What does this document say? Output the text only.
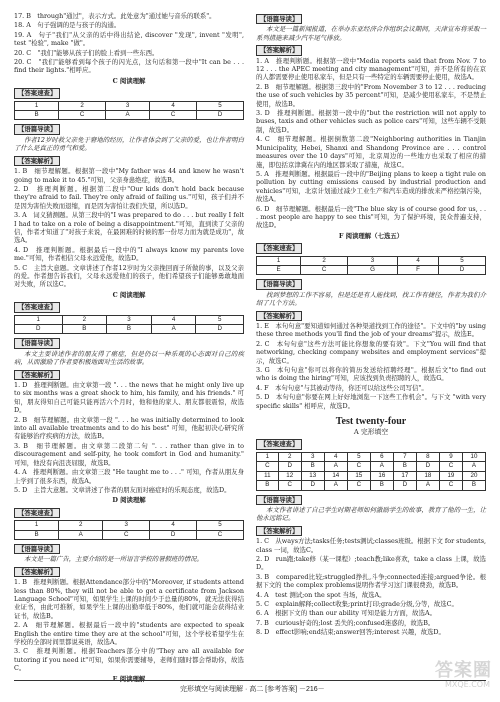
17. B　through"通过"，表示方式。此处意为"通过她与音乐的联系"。

18. A　句子强调的是与孩子的沟通。

19. A　句子"我们"从父亲的话中得出结论, discover "发现", invent "发明", test "检验", make "做"。

20. C　"我们"能够从孩子们的脸上看到一些东西。

20. C　"我们"能够看到每个孩子的闪光点，这句话和第一段中"It can be . . . find their lights."相呼应。

C 阅读理解
【答案速查】
1	2	3	4	5
B	C	A	C	D
【语篇导读】

作者12岁时救父亲免于窘地的经历，让作者体会到了父亲的爱，也让作者明白了什么是真正的勇气和爱。

【答案解析】

1. B　细节理解题。根据第一段中"My father was 44 and knew he wasn't going to make it to 45."可知，父亲身患绝症，故选B。

2. D　推理判断题。根据第二段中"Our kids don't hold back because they're afraid to fail. They're only afraid of failing us."可知，孩子们并不是因为害怕失败而退缩，而是因为害怕让我们失望，所以选D。

3. A　词义猜测题。从第三段中的"I was prepared to do . . . but really I felt I had to take on a role of being a disappointment."可知，直到读了父亲的信，作者才知道了"对孩子来说，在最困难的时候的那一份尽力而为就是成功"，故选A。

4. D　推理判断题。根据最后一段中的"I always know my parents love me."可知，作者相信父母永远爱他，故选D。

5. C　主旨大意题。文章讲述了作者12岁时为父亲挽回面子所做的事，以及父亲的爱。作者想告诉我们，父母永远爱他们的孩子，他们希望孩子们能够勇敢地面对失败，所以选C。

C 阅读理解
【答案速查】
1	2	3	4	5
D	B	B	A	D
【语篇导读】

本文主要讲述作者的朋友得了癌症，但是仍以一种乐观的心态面对自己的疾病，从而激励了作者要积极地面对生活的故事。

【答案解析】

1. D　推理判断题。由文章第一段 ". . . the news that he might only live up to six months was a great shock to him, his family, and his friends." 可知，朋友得知自己可能只能再活六个月时，他和他的家人、朋友都很震惊，故选D。

2. B　细节理解题。由文章第一段 ". . . he was initially determined to look into all available treatments and to do his best" 可知，他起初决心研究所有能够治疗疾病的方法，故选B。

3. B　细节理解题。由文章第二段第二句 ". . . rather than give in to discouragement and self-pity, he took comfort in God and humanity." 可知，他没有向沮丧屈服，故选B。

4. A　推理判断题。由文章第三段 "He taught me to . . ." 可知，作者从朋友身上学到了很多东西，故选A。

5. D　主旨大意题。文章讲述了作者的朋友面对癌症时的乐观态度，故选D。

D 阅读理解
【答案速查】
1	2	3	4	5
B	A	C	D	C
【语篇导读】

本文是一篇广告，主要介绍的是一所语言学校的暑假班的情况。

【答案解析】

1. B　推理判断题。根据Attendance部分中的"Moreover, if students attend less than 80%, they will not be able to get a certificate from Jackson Language School"可知，如果学生上课的时间少于总量的80%，就无法获得结业证书，由此可推断，如果学生上课的出勤率低于80%，他们就可能会获得结业证书，故选B。

2. A　细节理解题。根据最后一段中的"students are expected to speak English the entire time they are at the school"可知，这个学校希望学生在学校的全部时间里都说英语，故选A。

3. C　推理判断题。根据Teachers部分中的"They are all available for tutoring if you need it"可知，如果你需要辅导，老师们随时都会帮助你，故选C。

E 阅读理解
【语篇导读】

本文是一篇新闻报道，在举办东亚经济合作组织会议期间，天津宣布将采取一系列措施来减少汽车尾气排放。

【答案解析】

1. A　推理判断题。根据第一段中"Media reports said that from Nov. 7 to 12 . . . the APEC meeting and city management"可知，并不是所有的在京的人都需要停止使用私家车，但是只有一些特定的车辆需要停止使用，故选A。

2. B　细节理解题。根据第三段中的"From November 3 to 12 . . . reducing the use of such vehicles by 35 percent"可知，是减少使用私家车，不是禁止使用，故选B。

3. D　推理判断题。根据第一段中的"but the restriction will not apply to buses, taxis and other vehicles such as police cars"可知，这些车辆不受限制，故选D。

4. C　细节理解题。根据倒数第二段"Neighboring authorities in Tianjin Municipality, Hebei, Shanxi and Shandong Province are . . . control measures over the 10 days"可知，北京周边的一些地方也采取了相应的措施，即包括京津冀在内的地区都采取了措施，故选C。

5. A　推理判断题。根据最后一段中的"Beijing plans to keep a tight rule on pollution by cutting emissions caused by industrial production and vehicles"可知，北京计划通过减少工业生产和汽车造成的排放来严格控制污染，故选A。

6. D　细节理解题。根据最后一段"The blue sky is of course good for us, . . . most people are happy to see this"可知，为了保护环境，民众普遍支持，故选D。

F 阅读理解（七选五）
【答案速查】
1	2	3	4	5
E	C	G	F	D
【语篇导读】

找到梦想的工作不容易，但是还是有人能找到，找工作有捷径，作者为我们介绍了几个方法。

【答案解析】

1. E　本句句意"要知道如何通过各种渠道找到工作的途径"。下文中的"by using these three methods you'll find the job of your dreams"提示，故选E。

2. C　本句句意"这些方法可能比你想象的要有效"。下文"You will find that networking, checking company websites and employment services"提示，故选C。

3. G　本句句意"你可以将你的简历发送给招聘经理"。根据后文"to find out who is doing the hiring"可知，应该找到负责招聘的人，故选G。

4. F　本句句意"与其被动等待，你还可以给这些公司写信"。

5. D　本句句意"你要在网上好好地浏览一下这些工作机会"。与下文 "with very specific skills" 相呼应，故选D。

Test twenty-four
A 完形填空
【答案速查】
1	2	3	4	5	6	7	8	9	10
C	D	B	A	C	A	B	D	C	A
11	12	13	14	15	16	17	18	19	20
B	C	D	A	C	B	D	A	C	B
【语篇导读】

本文作者讲述了自己学生时期老师如何激励学生的故事，教育了他的一生，让他永远铭记。

【答案解析】

1. C　从ways方法;tasks任务;tests测试;classes班级。根据下文 for students, class 一词，故选C。

2. D　run跑;take修（某一课程）;teach教;like喜欢，take a class 上课，故选D。

3. B　compared比较;struggled挣扎,斗争;connected连接;argued争论。根据下文的 the complex problems说明作者学习这门课很费劲，故选B。

4. A　test 测试;on the spot 当场，故选A。

5. C　explain解释;collect收集;print打印;grade分级,分等，故选C。

6. A　根据下文的 than our ability 可知是能力方面，故选A。

7. B　curious好奇的;lost 丢失的;confused迷惑的，故选B。

8. D　effect影响;end结束;answer回答;interest 兴趣，故选D。

完形填空与阅读理解 · 高二 [参考答案] －216－
答案圈
MXQE.COM
